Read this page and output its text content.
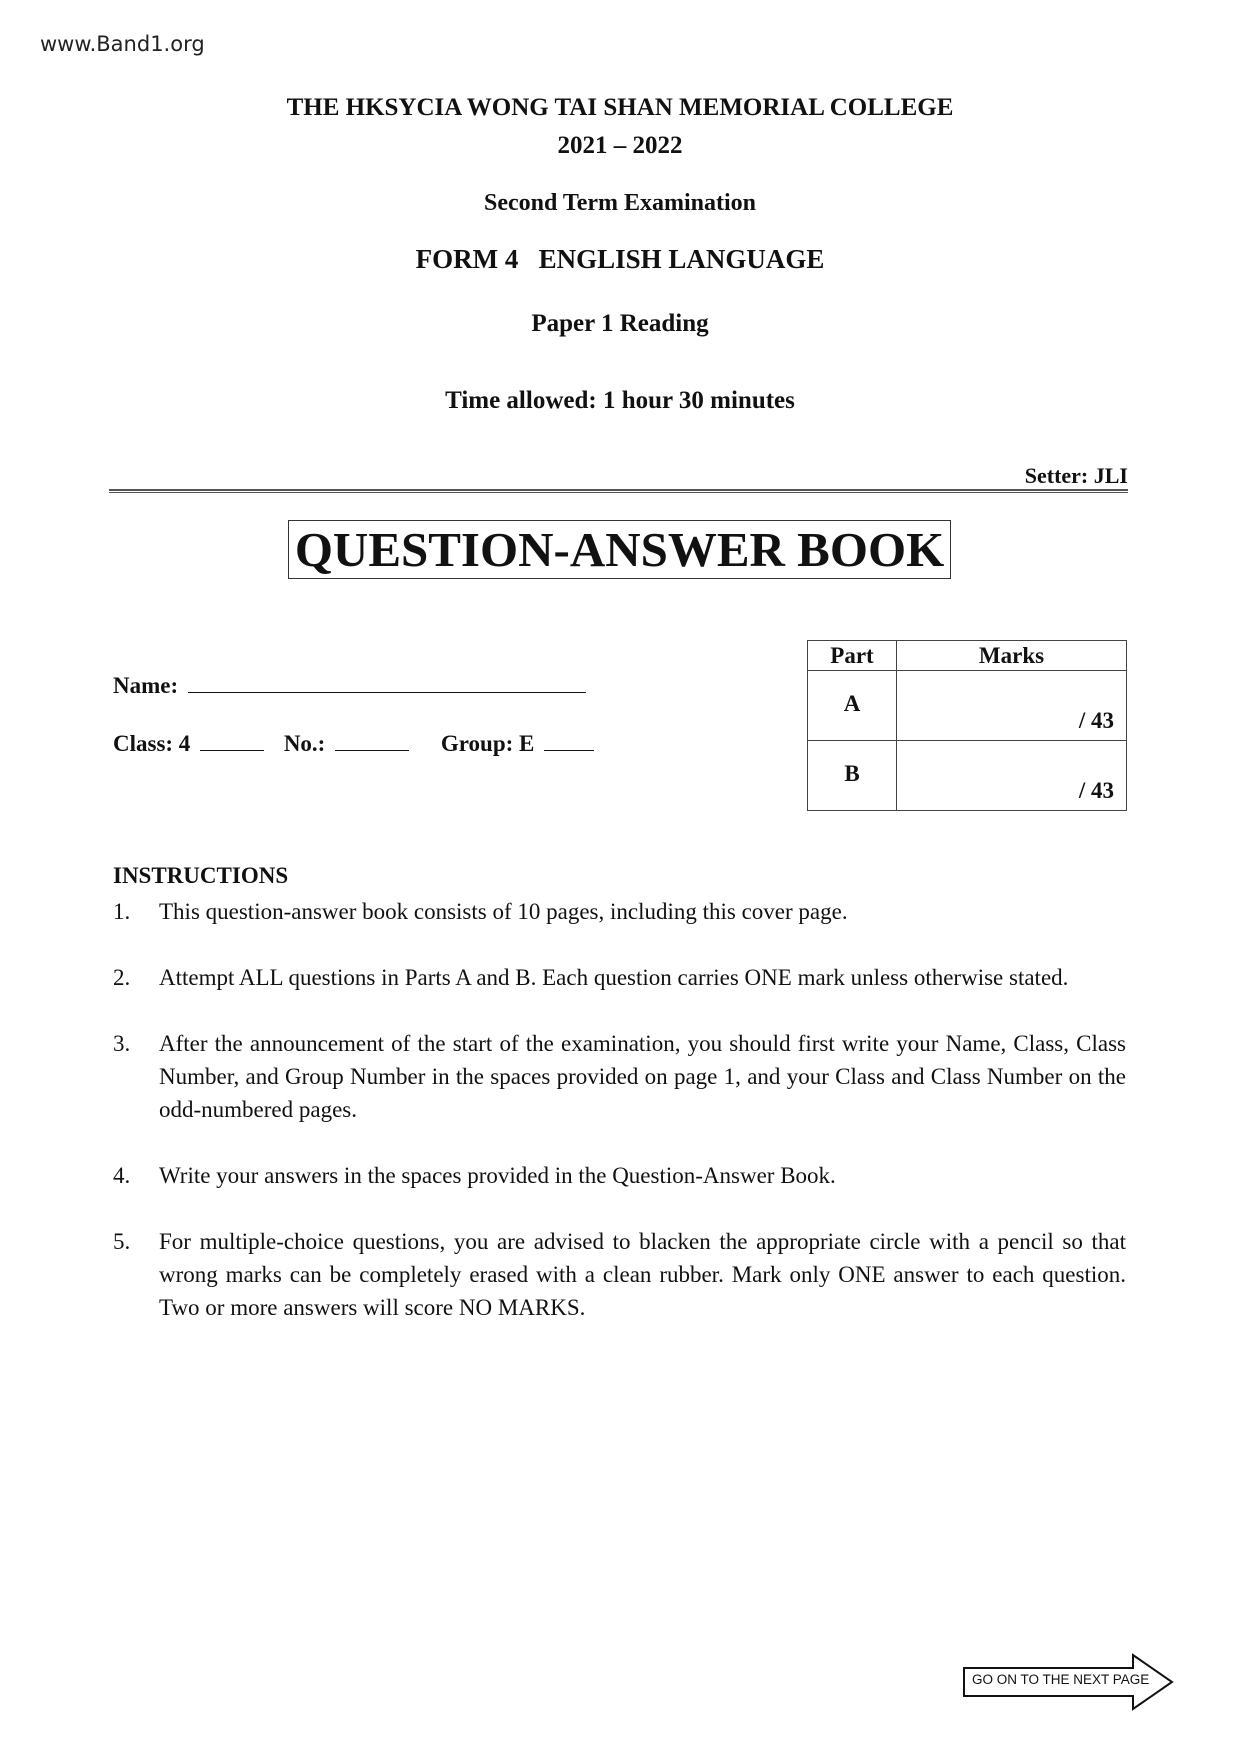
www.Band1.org
THE HKSYCIA WONG TAI SHAN MEMORIAL COLLEGE
2021 – 2022
Second Term Examination
FORM 4   ENGLISH LANGUAGE
Paper 1 Reading
Time allowed: 1 hour 30 minutes
Setter: JLI
QUESTION-ANSWER BOOK
Name:
Class: 4	No.:	Group: E
Part	Marks
A	/ 43
B	/ 43
INSTRUCTIONS
1.	This question-answer book consists of 10 pages, including this cover page.
2.	Attempt ALL questions in Parts A and B. Each question carries ONE mark unless otherwise stated.
3.	After the announcement of the start of the examination, you should first write your Name, Class, Class Number, and Group Number in the spaces provided on page 1, and your Class and Class Number on the odd-numbered pages.
4.	Write your answers in the spaces provided in the Question-Answer Book.
5.	For multiple-choice questions, you are advised to blacken the appropriate circle with a pencil so that wrong marks can be completely erased with a clean rubber. Mark only ONE answer to each question. Two or more answers will score NO MARKS.
GO ON TO THE NEXT PAGE
